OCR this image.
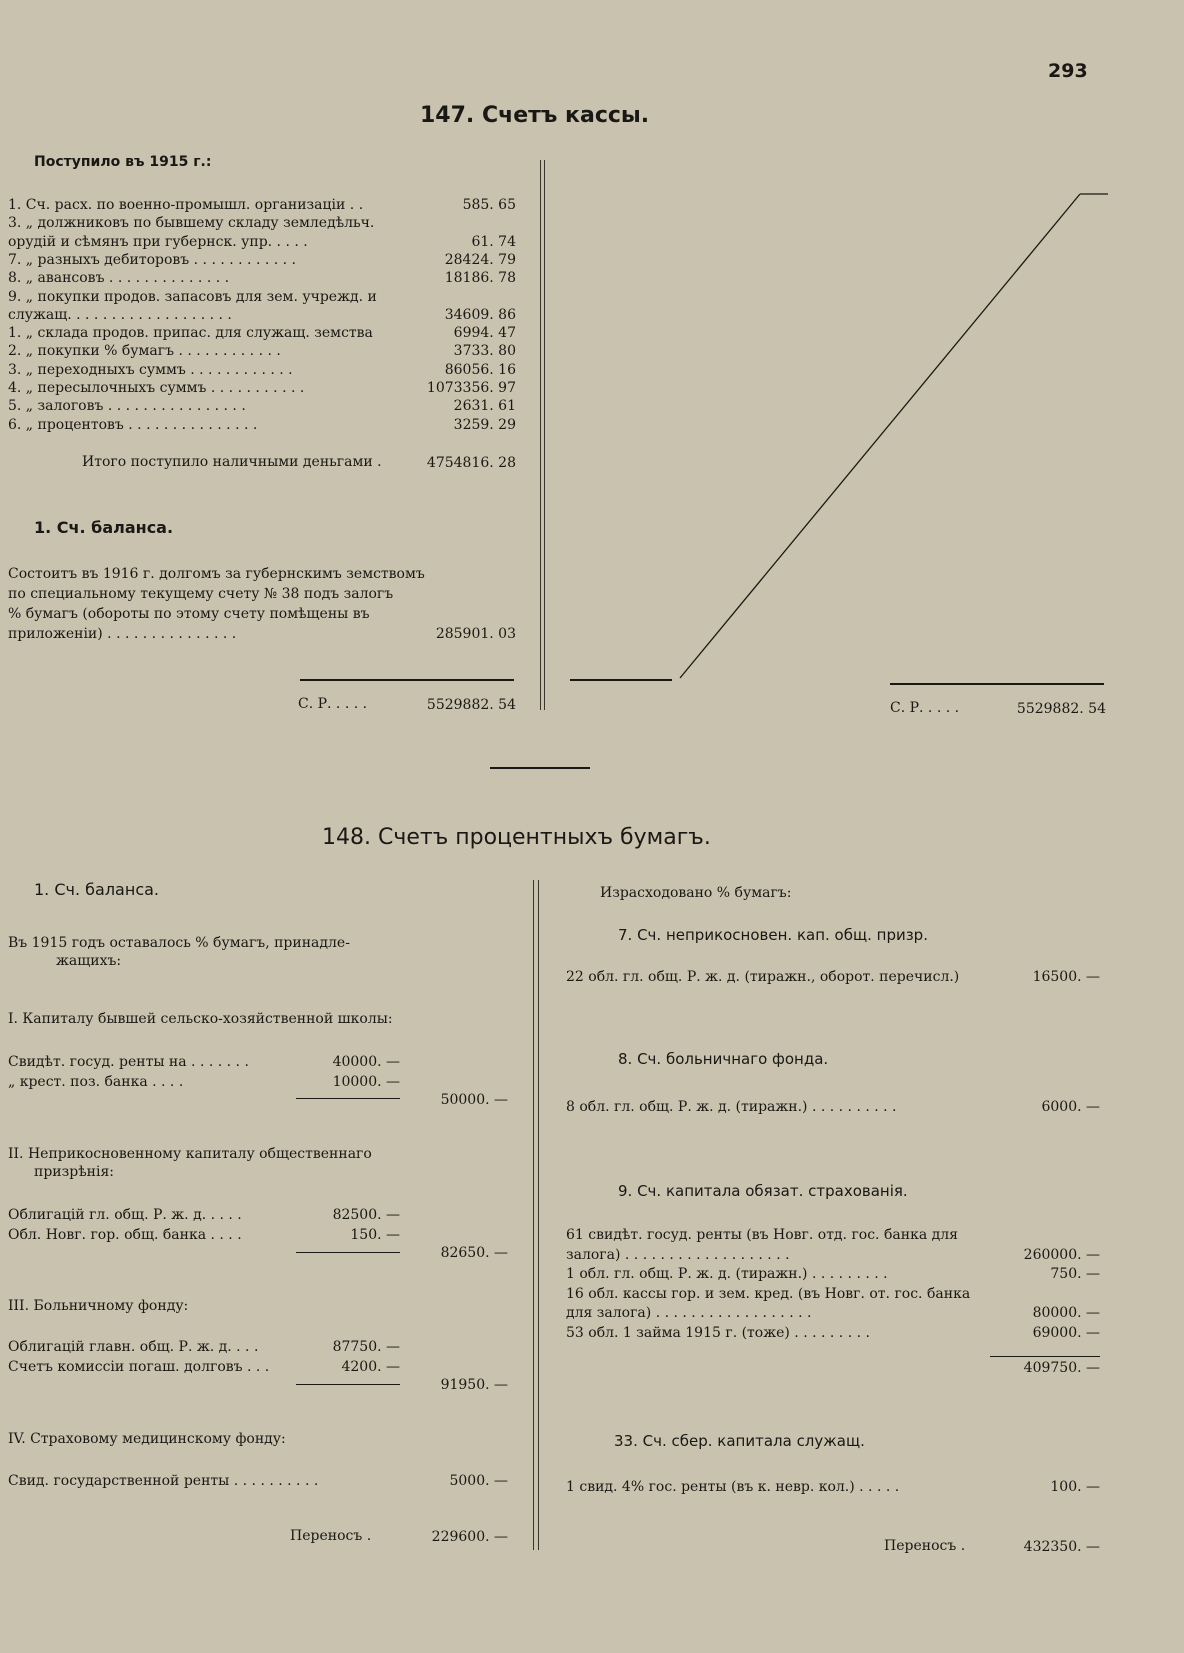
293
147. Счетъ кассы.
Поступило въ 1915 г.:
1. Сч. расх. по военно-промышл. организацiи . .	585. 65
3. „ должниковъ по бывшему складу земледѣльч.
орудiй и сѣмянъ при губернск. упр. . . . .	61. 74
7. „ разныхъ дебиторовъ . . . . . . . . . . . .	28424. 79
8. „ авансовъ . . . . . . . . . . . . . .	18186. 78
9. „ покупки продов. запасовъ для зем. учрежд. и
служащ. . . . . . . . . . . . . . . . . . .	34609. 86
1. „ склада продов. припас. для служащ. земства	6994. 47
2. „ покупки % бумагъ . . . . . . . . . . . .	3733. 80
3. „ переходныхъ суммъ . . . . . . . . . . . .	86056. 16
4. „ пересылочныхъ суммъ . . . . . . . . . . .	1073356. 97
5. „ залоговъ . . . . . . . . . . . . . . . .	2631. 61
6. „ процентовъ . . . . . . . . . . . . . . .	3259. 29
Итого поступило наличными деньгами .	4754816. 28
1. Сч. баланса.
Состоитъ въ 1916 г. долгомъ за губернскимъ земствомъ
по специальному текущему счету № 38 подъ залогъ
% бумагъ (обороты по этому счету помѣщены въ
приложенiи) . . . . . . . . . . . . . . .	285901. 03
С. Р. . . . .	5529882. 54	С. Р. . . . .	5529882. 54
148. Счетъ процентныхъ бумагъ.
1. Сч. баланса.
Въ 1915 годъ оставалось % бумагъ, принадле-
жащихъ:
I. Капиталу бывшей сельско-хозяйственной школы:
Свидѣт. госуд. ренты на . . . . . . .	40000. —
„ крест. поз. банка . . . .	10000. —
50000. —
II. Неприкосновенному капиталу общественнаго
призрѣнiя:
Облигацiй гл. общ. Р. ж. д. . . . .	82500. —
Обл. Новг. гор. общ. банка . . . .	150. —
82650. —
III. Больничному фонду:
Облигацiй главн. общ. Р. ж. д. . . .	87750. —
Счетъ комиссiи погаш. долговъ . . .	4200. —
91950. —
IV. Страховому медицинскому фонду:
Свид. государственной ренты . . . . . . . . . .	5000. —
Переносъ .	229600. —
Израсходовано % бумагъ:
7. Сч. неприкосновен. кап. общ. призр.
22 обл. гл. общ. Р. ж. д. (тиражн., оборот. перечисл.)	16500. —
8. Сч. больничнаго фонда.
8 обл. гл. общ. Р. ж. д. (тиражн.) . . . . . . . . . .	6000. —
9. Сч. капитала обязат. страхованiя.
61 свидѣт. госуд. ренты (въ Новг. отд. гос. банка для
залога) . . . . . . . . . . . . . . . . . . .	260000. —
1 обл. гл. общ. Р. ж. д. (тиражн.) . . . . . . . . .	750. —
16 обл. кассы гор. и зем. кред. (въ Новг. от. гос. банка
для залога) . . . . . . . . . . . . . . . . . .	80000. —
53 обл. 1 займа 1915 г. (тоже) . . . . . . . . .	69000. —
409750. —
33. Сч. сбер. капитала служащ.
1 свид. 4% гос. ренты (въ к. невр. кол.) . . . . .	100. —
Переносъ .	432350. —
